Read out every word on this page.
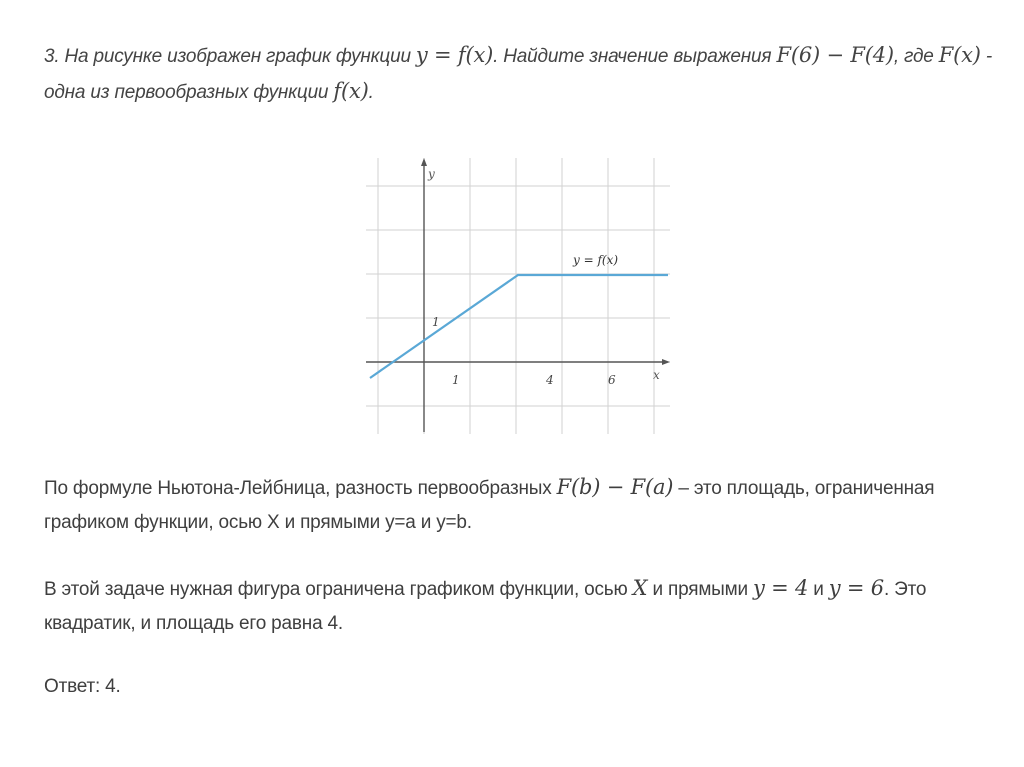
3. На рисунке изображен график функции y = f(x). Найдите значение выражения F(6) − F(4), где F(x) - одна из первообразных функции f(x).
y
x
y = f(x)
1
1	4	6
По формуле Ньютона-Лейбница, разность первообразных F(b) − F(a) – это площадь, ограниченная графиком функции, осью X и прямыми y=a и y=b.
В этой задаче нужная фигура ограничена графиком функции, осью X и прямыми y = 4 и y = 6. Это квадратик, и площадь его равна 4.
Ответ: 4.
